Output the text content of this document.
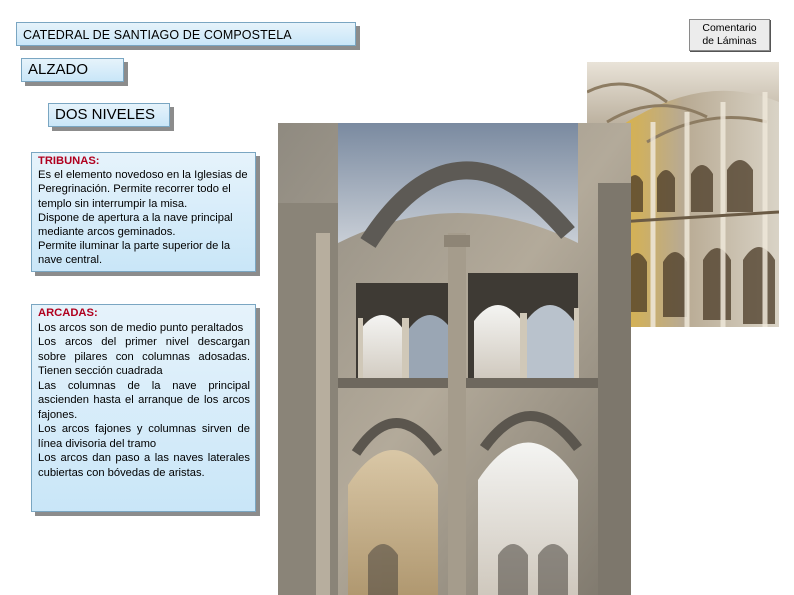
CATEDRAL DE SANTIAGO DE COMPOSTELA
ALZADO
DOS NIVELES
TRIBUNAS:
Es el elemento novedoso en la Iglesias de Peregrinación. Permite recorrer todo el templo sin interrumpir la misa.
Dispone de apertura a la nave principal mediante arcos geminados.
Permite iluminar la parte superior de la nave central.
ARCADAS:
Los arcos son de medio punto peraltados
Los arcos del primer nivel descargan sobre pilares con columnas adosadas. Tienen sección cuadrada
Las columnas de la nave principal ascienden hasta el arranque de los arcos fajones.
Los arcos fajones y columnas sirven de línea divisoria del tramo
Los arcos dan paso a las naves laterales cubiertas con bóvedas de aristas.
Comentario
de Láminas
